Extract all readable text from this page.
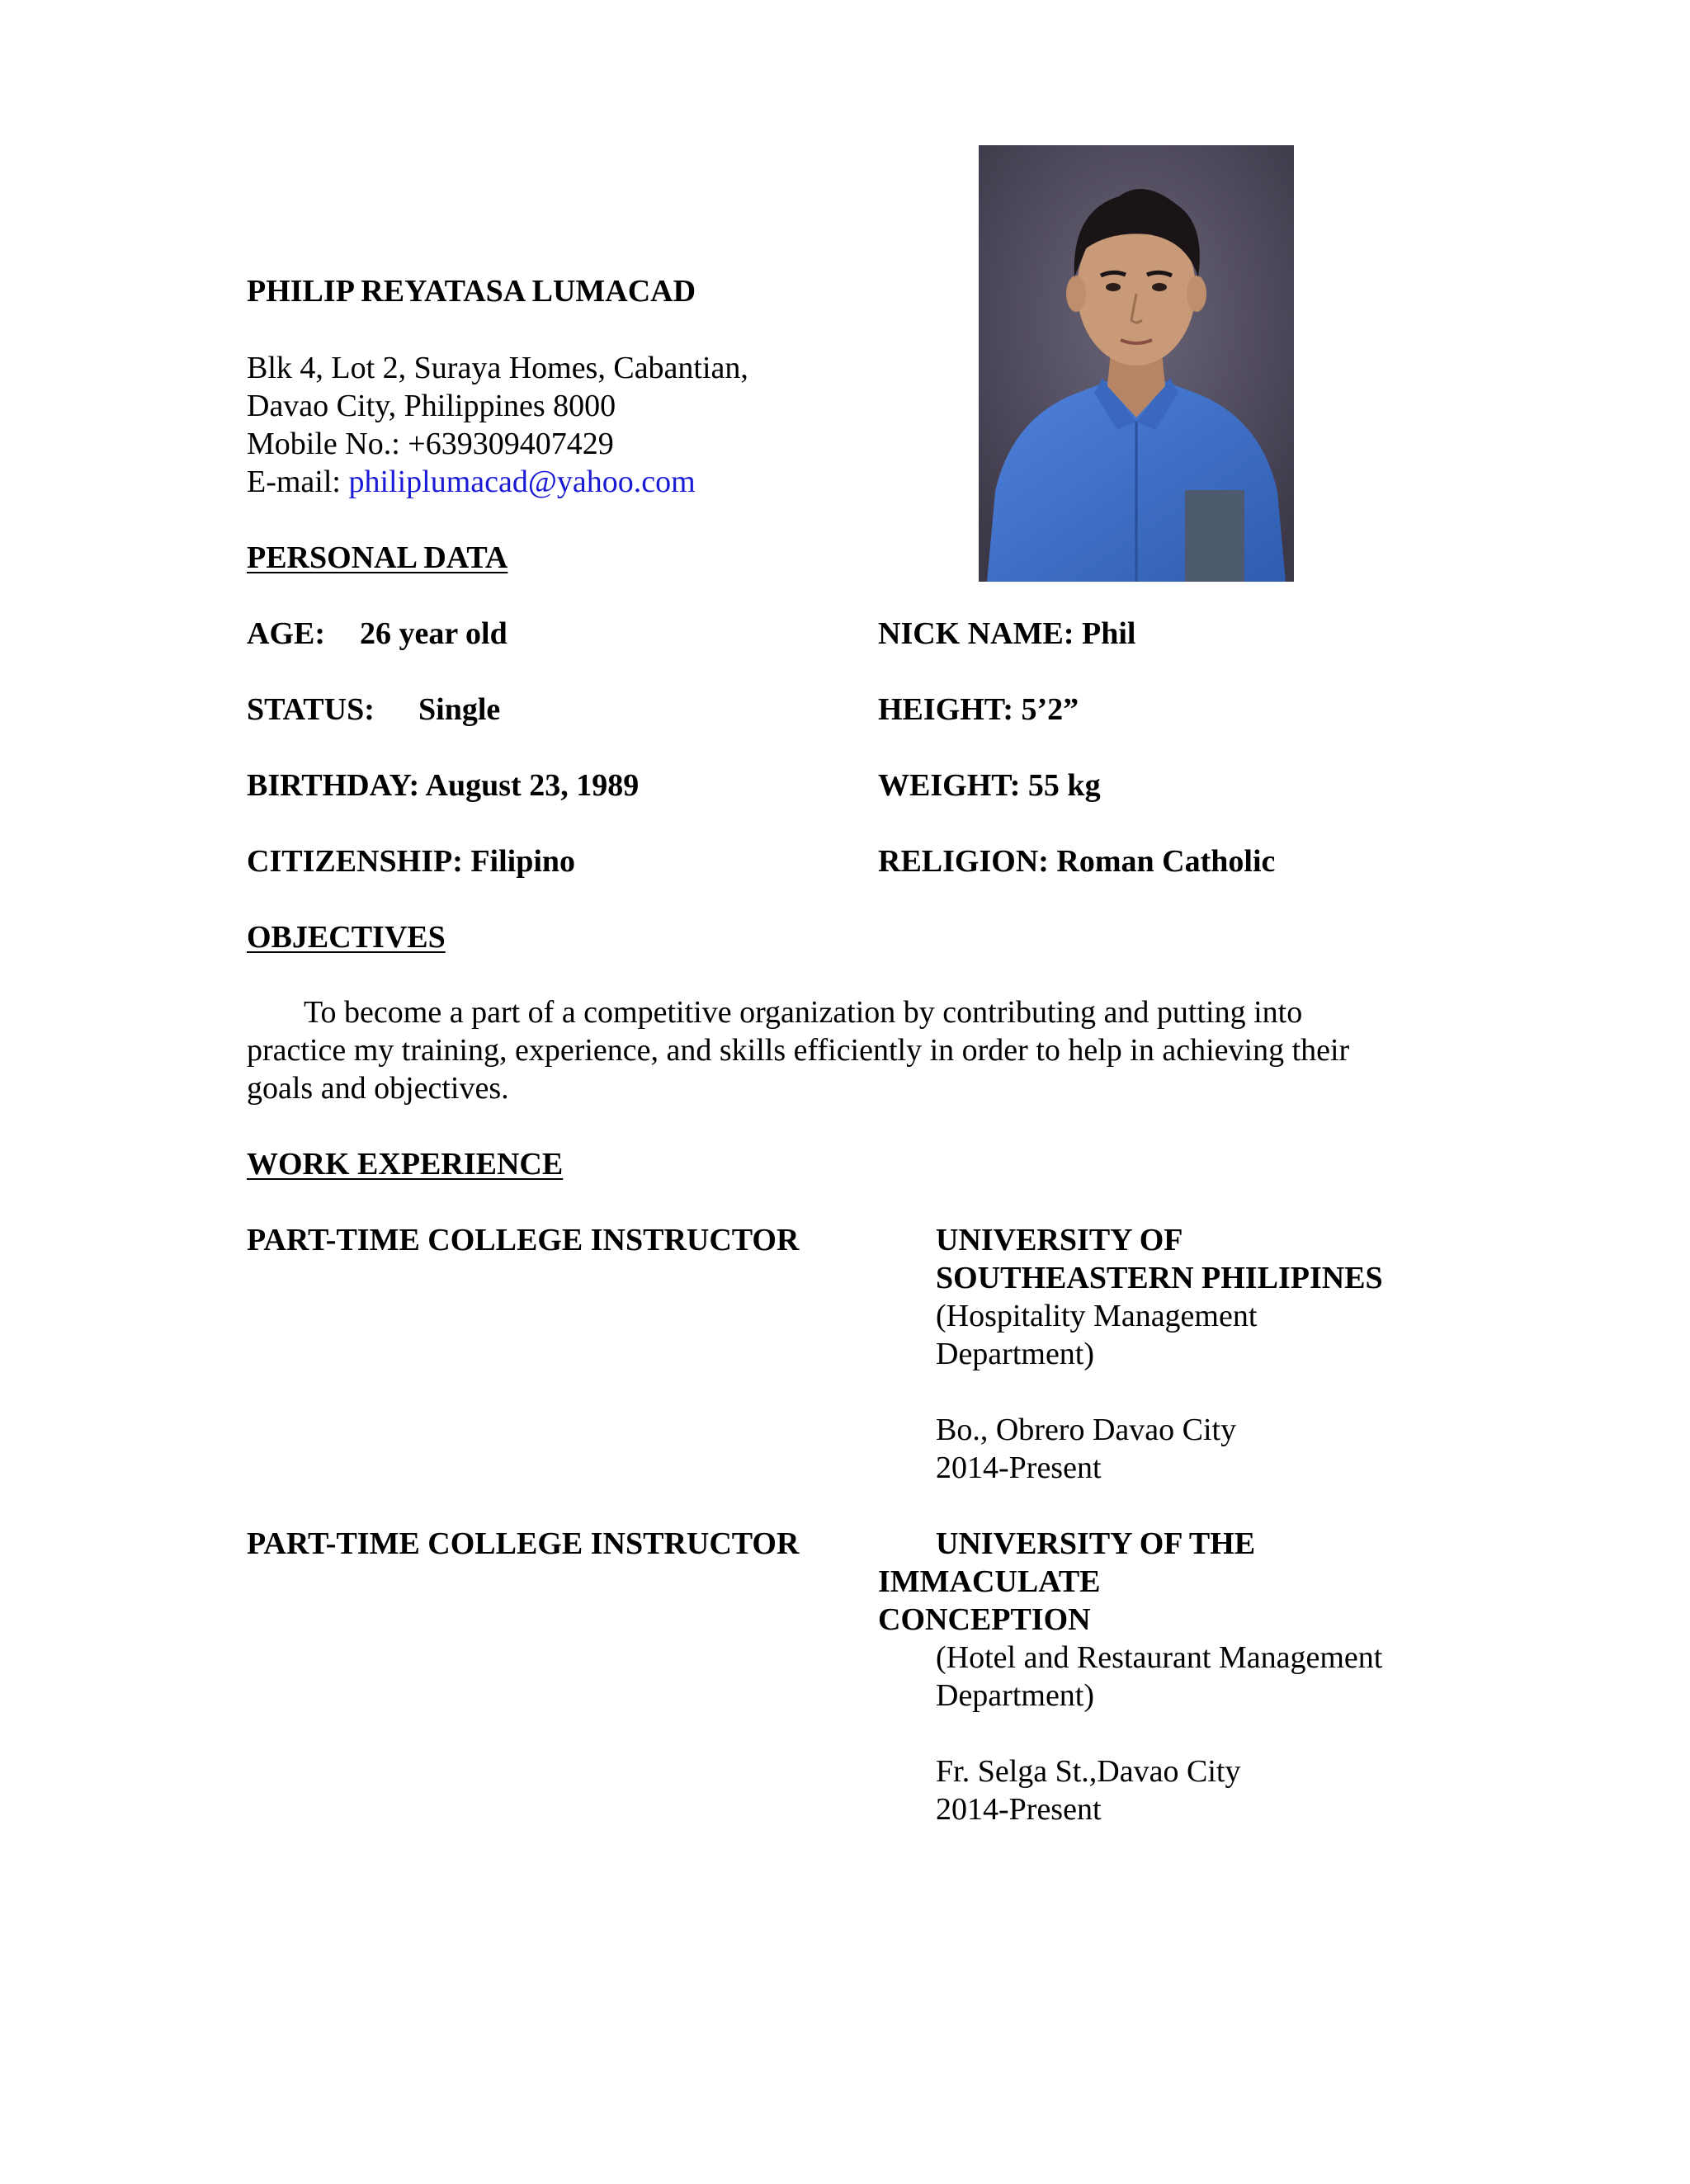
PHILIP REYATASA LUMACAD
Blk 4, Lot 2, Suraya Homes, Cabantian,
Davao City, Philippines 8000
Mobile No.: +639309407429
E-mail: philiplumacad@yahoo.com
PERSONAL DATA
AGE: 26 year old	NICK NAME: Phil
STATUS: Single	HEIGHT: 5’2”
BIRTHDAY: August 23, 1989	WEIGHT: 55 kg
CITIZENSHIP: Filipino	RELIGION: Roman Catholic
OBJECTIVES
To become a part of a competitive organization by contributing and putting into
practice my training, experience, and skills efficiently in order to help in achieving their
goals and objectives.
WORK EXPERIENCE
PART-TIME COLLEGE INSTRUCTOR	UNIVERSITY OF
SOUTHEASTERN PHILIPINES
(Hospitality Management
Department)
Bo., Obrero Davao City
2014-Present
PART-TIME COLLEGE INSTRUCTOR	UNIVERSITY OF THE
IMMACULATE
CONCEPTION
(Hotel and Restaurant Management
Department)
Fr. Selga St.,Davao City
2014-Present
